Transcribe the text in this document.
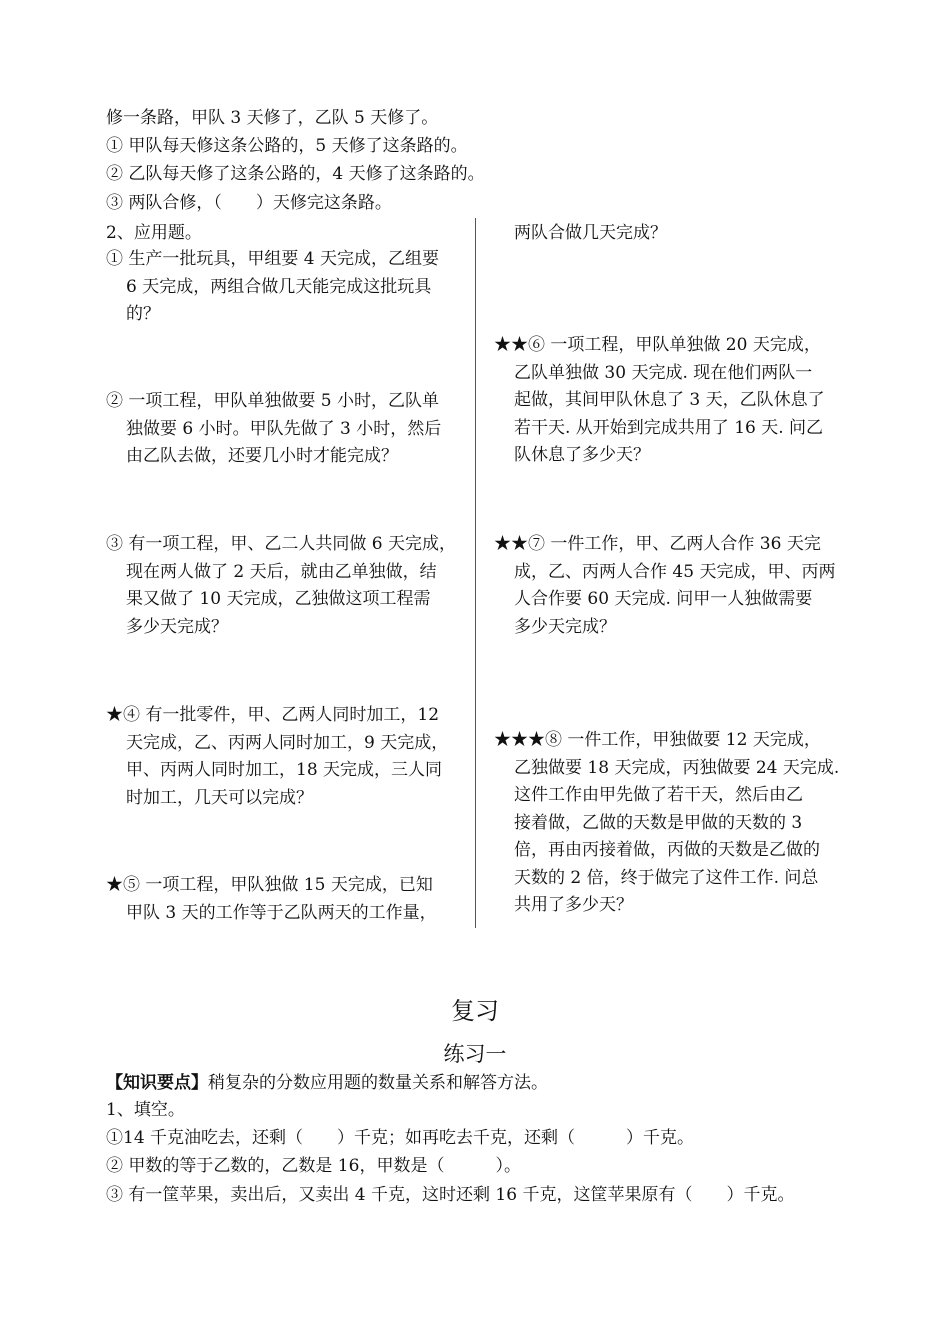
修一条路，甲队 3 天修了，乙队 5 天修了。
① 甲队每天修这条公路的，5 天修了这条路的。
② 乙队每天修了这条公路的，4 天修了这条路的。
③ 两队合修，（　　）天修完这条路。

2、应用题。

① 生产一批玩具，甲组要 4 天完成，乙组要

6 天完成，两组合做几天能完成这批玩具

的？

② 一项工程，甲队单独做要 5 小时，乙队单

独做要 6 小时。甲队先做了 3 小时，然后

由乙队去做，还要几小时才能完成？

③ 有一项工程，甲、乙二人共同做 6 天完成，

现在两人做了 2 天后，就由乙单独做，结

果又做了 10 天完成，乙独做这项工程需

多少天完成？

★④ 有一批零件，甲、乙两人同时加工，12

天完成，乙、丙两人同时加工，9 天完成，

甲、丙两人同时加工，18 天完成，三人同

时加工，几天可以完成？

★⑤ 一项工程，甲队独做 15 天完成，已知

甲队 3 天的工作等于乙队两天的工作量，

两队合做几天完成？

★★⑥ 一项工程，甲队单独做 20 天完成，

乙队单独做 30 天完成. 现在他们两队一

起做，其间甲队休息了 3 天，乙队休息了

若干天. 从开始到完成共用了 16 天. 问乙

队休息了多少天？

★★⑦ 一件工作，甲、乙两人合作 36 天完

成，乙、丙两人合作 45 天完成，甲、丙两

人合作要 60 天完成. 问甲一人独做需要

多少天完成？

★★★⑧ 一件工作，甲独做要 12 天完成，

乙独做要 18 天完成，丙独做要 24 天完成.

这件工作由甲先做了若干天，然后由乙

接着做，乙做的天数是甲做的天数的 3

倍，再由丙接着做，丙做的天数是乙做的

天数的 2 倍，终于做完了这件工作. 问总

共用了多少天？

复习
练习一
【知识要点】稍复杂的分数应用题的数量关系和解答方法。
1、填空。
①14 千克油吃去，还剩（　　）千克；如再吃去千克，还剩（　　　）千克。
② 甲数的等于乙数的，乙数是 16，甲数是（　　　）。
③ 有一筐苹果，卖出后，又卖出 4 千克，这时还剩 16 千克，这筐苹果原有（　　）千克。
